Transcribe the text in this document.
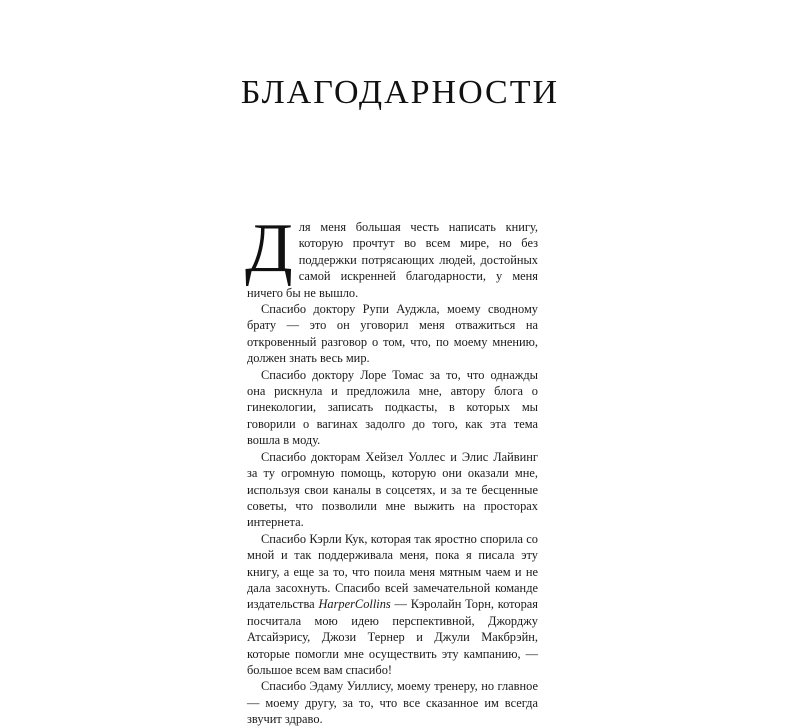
БЛАГОДАРНОСТИ

Для меня большая честь написать книгу, которую прочтут во всем мире, но без поддержки потрясающих людей, достойных самой искренней благодарности, у меня ничего бы не вышло.

Спасибо доктору Рупи Ауджла, моему сводному брату — это он уговорил меня отважиться на откровенный разговор о том, что, по моему мнению, должен знать весь мир.

Спасибо доктору Лоре Томас за то, что однажды она рискнула и предложила мне, автору блога о гинекологии, записать подкасты, в которых мы говорили о вагинах задолго до того, как эта тема вошла в моду.

Спасибо докторам Хейзел Уоллес и Элис Лайвинг за ту огромную помощь, которую они оказали мне, используя свои каналы в соцсетях, и за те бесценные советы, что позволили мне выжить на просторах интернета.

Спасибо Кэрли Кук, которая так яростно спорила со мной и так поддерживала меня, пока я писала эту книгу, а еще за то, что поила меня мятным чаем и не дала засохнуть. Спасибо всей замечательной команде издательства HarperCollins — Кэролайн Торн, которая посчитала мою идею перспективной, Джорджу Атсайэрису, Джози Тернер и Джули Макбрэйн, которые помогли мне осуществить эту кампанию, — большое всем вам спасибо!

Спасибо Эдаму Уиллису, моему тренеру, но главное — моему другу, за то, что все сказанное им всегда звучит здраво.
